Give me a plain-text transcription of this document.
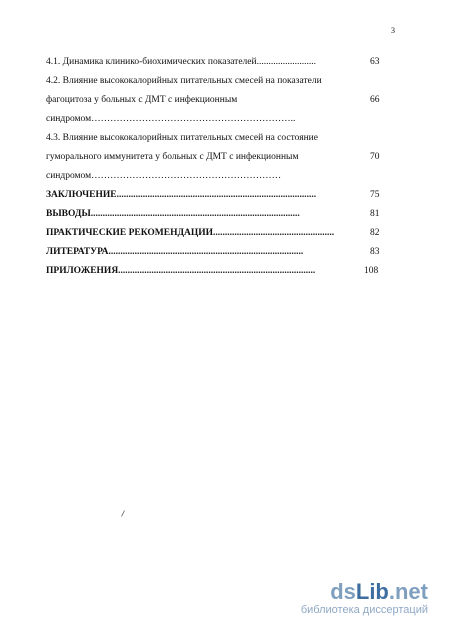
3
4.1. Динамика клинико-биохимических показателей.........................	63
4.2. Влияние высококалорийных питательных смесей на показатели
фагоцитоза у больных с ДМТ с инфекционным	66
синдромом………………………………………………………..
4.3. Влияние высококалорийных питательных смесей на состояние
гуморального иммунитета у больных с ДМТ с инфекционным	70
синдромом……………………………………………………
ЗАКЛЮЧЕНИЕ....................................................................................	75
ВЫВОДЫ........................................................................................	81
ПРАКТИЧЕСКИЕ РЕКОМЕНДАЦИИ...................................................	82
ЛИТЕРАТУРА..................................................................................	83
ПРИЛОЖЕНИЯ...................................................................................	108
dsLib.net
библиотека диссертаций
